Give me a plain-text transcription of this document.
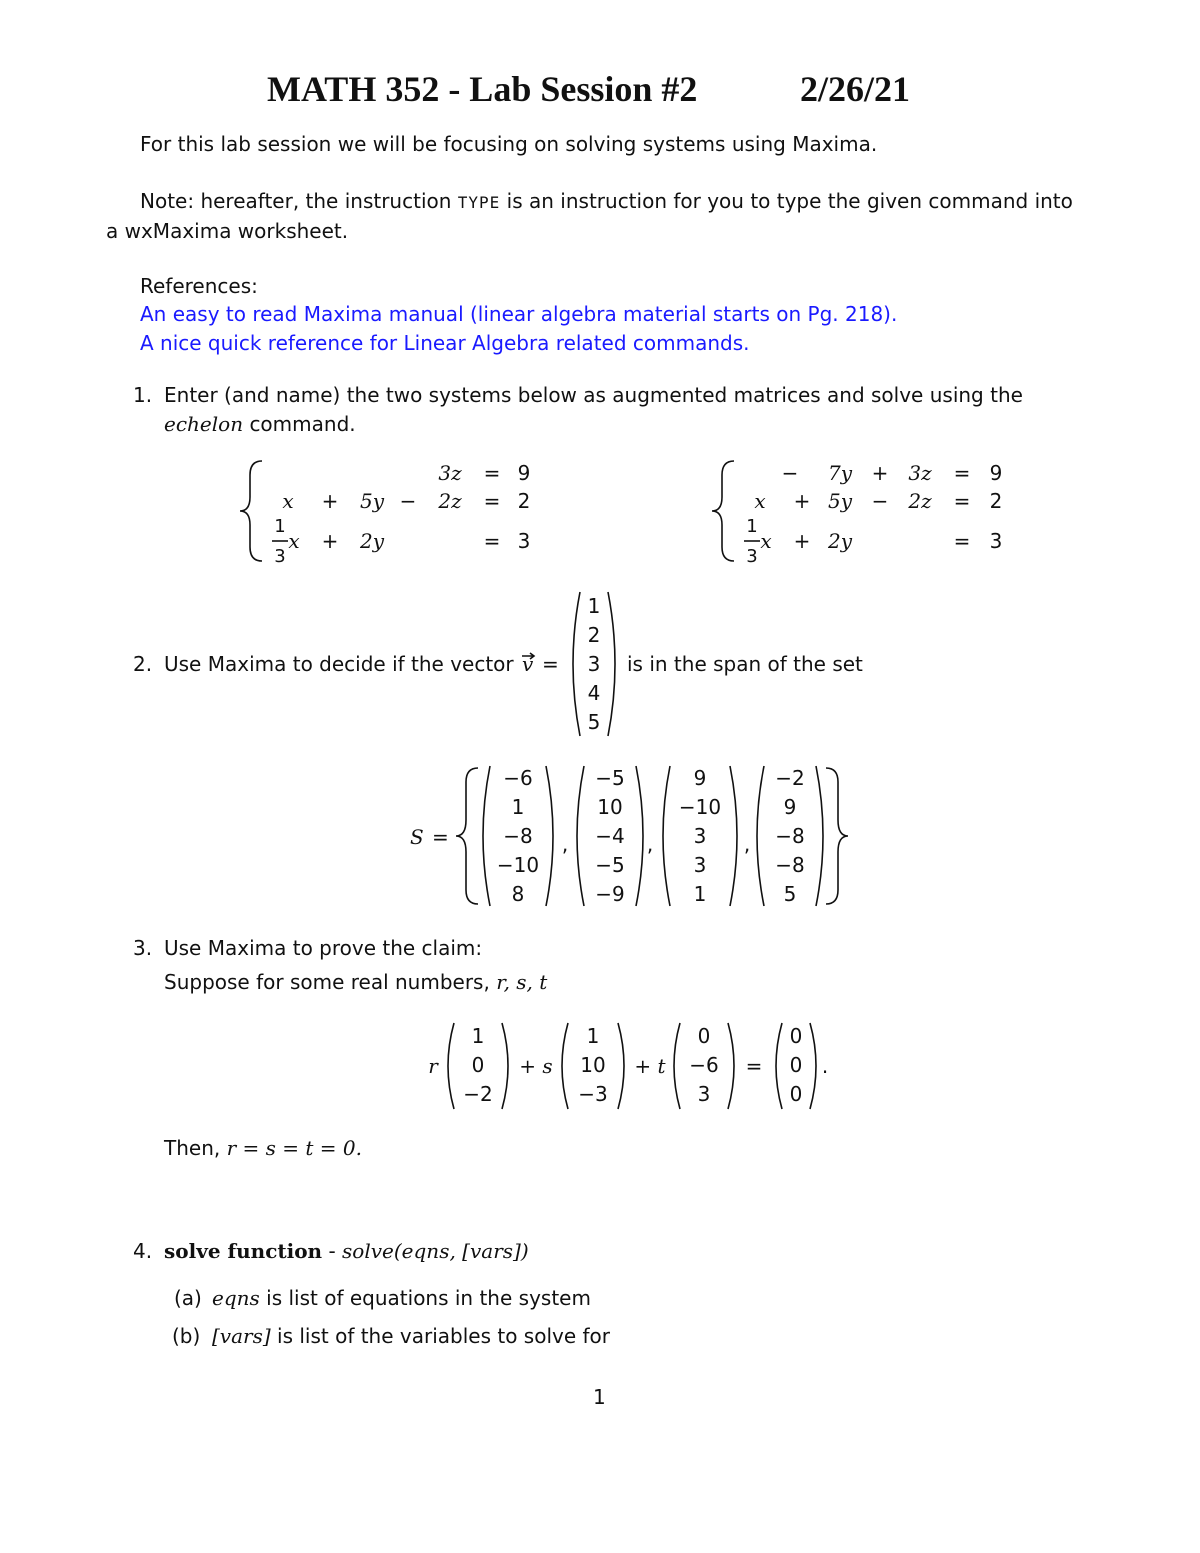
MATH 352 - Lab Session #2	2/26/21
For this lab session we will be focusing on solving systems using Maxima.
Note: hereafter, the instruction TYPE is an instruction for you to type the given command into
a wxMaxima worksheet.
References:
An easy to read Maxima manual (linear algebra material starts on Pg. 218).
A nice quick reference for Linear Algebra related commands.
1. Enter (and name) the two systems below as augmented matrices and solve using the
echelon command.
3z	= 9
x	+	5y −	2z	= 2
1
3
x +	2y	= 3
−	7y + 3z	= 9
x	+ 5y − 2z	= 2
1
3
x + 2y	= 3
2. Use Maxima to decide if the vector v =
1
2
3
4
5
is in the span of the set
S =
−6
1
−8
−10
8
,
−5
10
−4
−5
−9
,
9
−10
3
3
1
,
−2
9
−8
−8
5
3. Use Maxima to prove the claim:
Suppose for some real numbers, r, s, t
r
1
0
−2
+ s
1
10
−3
+ t
0
−6
3
=
0
0
0
.
Then, r = s = t = 0.
4. solve function - solve(eqns, [vars])
(a) eqns is list of equations in the system
(b) [vars] is list of the variables to solve for
1
